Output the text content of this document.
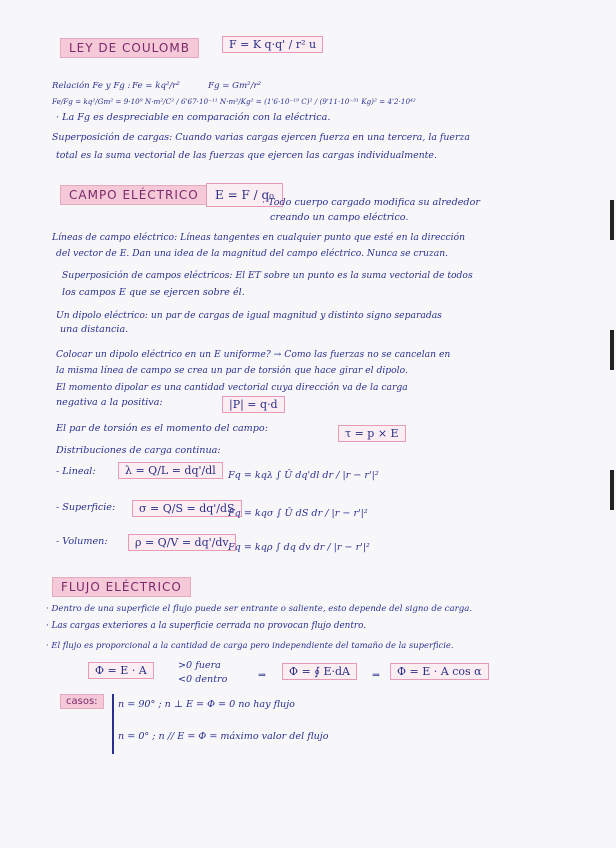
LEY DE COULOMB	F = K q·q' / r² u
Relación Fe y Fg : Fe = kq²/r²	Fg = Gm²/r²
Fe/Fg = kq²/Gm² = 9·10⁹ N·m²/C² / 6'67·10⁻¹¹ N·m²/Kg² = (1'6·10⁻¹⁹ C)² / (9'11·10⁻³¹ Kg)² = 4'2·10⁴²
· La Fg es despreciable en comparación con la eléctrica.
Superposición de cargas: Cuando varias cargas ejercen fuerza en una tercera, la fuerza
total es la suma vectorial de las fuerzas que ejercen las cargas individualmente.
CAMPO ELÉCTRICO	E = F / q₀
· Todo cuerpo cargado modifica su alrededor
creando un campo eléctrico.
Líneas de campo eléctrico: Líneas tangentes en cualquier punto que esté en la dirección
del vector de E. Dan una idea de la magnitud del campo eléctrico. Nunca se cruzan.
Superposición de campos eléctricos: El ET sobre un punto es la suma vectorial de todos
los campos E que se ejercen sobre él.
Un dipolo eléctrico: un par de cargas de igual magnitud y distinto signo separadas
una distancia.
Colocar un dipolo eléctrico en un E uniforme? → Como las fuerzas no se cancelan en
la misma línea de campo se crea un par de torsión que hace girar el dipolo.
El momento dipolar es una cantidad vectorial cuya dirección va de la carga
negativa a la positiva:	|P| = q·d
El par de torsión es el momento del campo:	τ = p × E
Distribuciones de carga continua:
- Lineal:	λ = Q/L = dq'/dl	Fq = kqλ ∫ Ū dq'dl dr / |r − r'|²
- Superficie:	σ = Q/S = dq'/dS
Fq = kqσ ∫ Ū dS dr / |r − r'|²
- Volumen:	ρ = Q/V = dq'/dv Fq = kqρ ∫ dq dv dr / |r − r'|²
FLUJO ELÉCTRICO
· Dentro de una superficie el flujo puede ser entrante o saliente, esto depende del signo de carga.
· Las cargas exteriores a la superficie cerrada no provocan flujo dentro.
· El flujo es proporcional a la cantidad de carga pero independiente del tamaño de la superficie.
Φ = E · A	>0 fuera
<0 dentro
Φ = ∮ E·dA	⇒	Φ = E · A cos α
⇒
casos:	n = 90° ; n ⊥ E = Φ = 0 no hay flujo
n = 0° ; n // E = Φ = máximo valor del flujo
